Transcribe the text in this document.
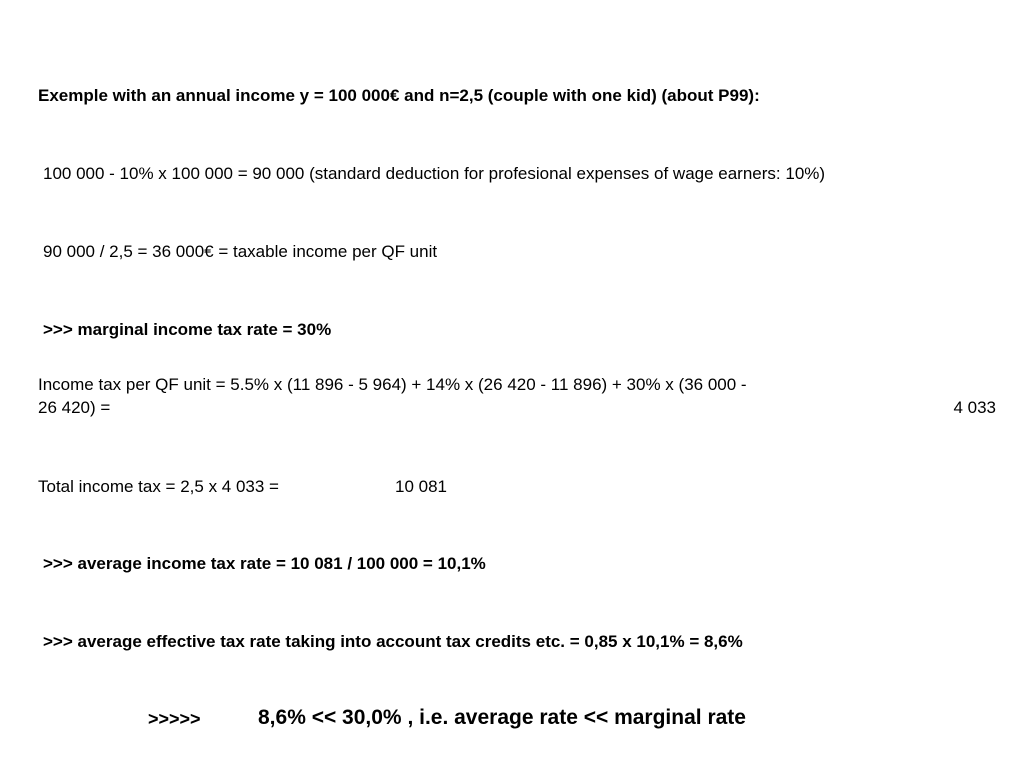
Exemple with an annual income y = 100 000€ and n=2,5 (couple with one kid) (about P99):
100 000 - 10% x 100 000 = 90 000 (standard deduction for profesional expenses of wage earners: 10%)
90 000 / 2,5 = 36 000€ = taxable income per QF unit
>>> marginal income tax rate = 30%
Income tax per QF unit = 5.5% x (11 896 - 5 964) + 14% x (26 420 - 11 896) + 30% x (36 000 -
26 420) =	4 033
Total income tax = 2,5 x 4 033 =	10 081
>>> average income tax rate = 10 081 / 100 000 = 10,1%
>>> average effective tax rate taking into account tax credits etc. = 0,85 x 10,1% = 8,6%
>>>>>	8,6% << 30,0% , i.e. average rate << marginal rate
